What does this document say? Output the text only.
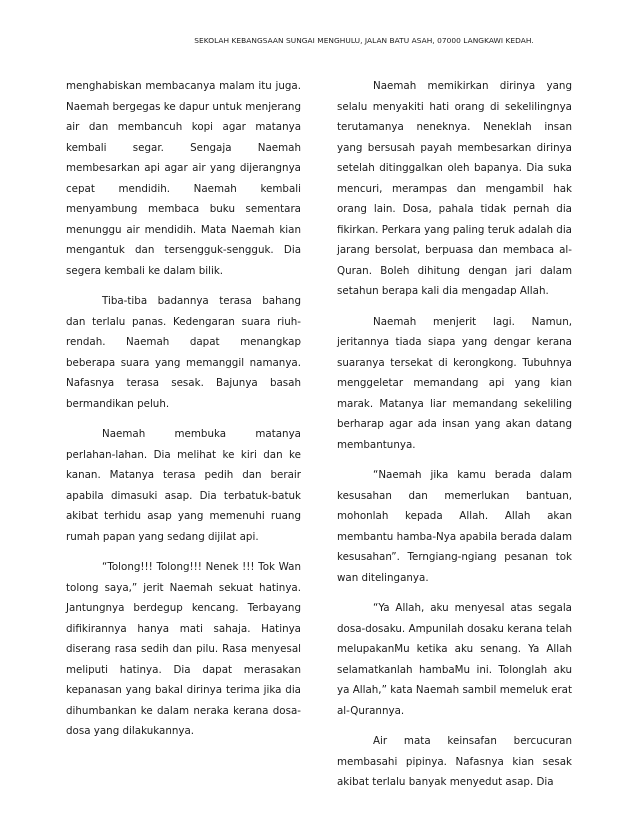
SEKOLAH KEBANGSAAN SUNGAI MENGHULU, JALAN BATU ASAH, 07000 LANGKAWI KEDAH.

menghabiskan membacanya malam itu juga. Naemah bergegas ke dapur untuk menjerang air dan membancuh kopi agar matanya kembali segar. Sengaja Naemah membesarkan api agar air yang dijerangnya cepat mendidih. Naemah kembali menyambung membaca buku sementara menunggu air mendidih. Mata Naemah kian mengantuk dan tersengguk-sengguk. Dia segera kembali ke dalam bilik.

Tiba-tiba badannya terasa bahang dan terlalu panas. Kedengaran suara riuh-rendah. Naemah dapat menangkap beberapa suara yang memanggil namanya. Nafasnya terasa sesak. Bajunya basah bermandikan peluh.

Naemah membuka matanya perlahan-lahan. Dia melihat ke kiri dan ke kanan. Matanya terasa pedih dan berair apabila dimasuki asap. Dia terbatuk-batuk akibat terhidu asap yang memenuhi ruang rumah papan yang sedang dijilat api.

“Tolong!!! Tolong!!! Nenek !!! Tok Wan tolong saya,” jerit Naemah sekuat hatinya. Jantungnya berdegup kencang. Terbayang difikirannya hanya mati sahaja. Hatinya diserang rasa sedih dan pilu. Rasa menyesal meliputi hatinya. Dia dapat merasakan kepanasan yang bakal dirinya terima jika dia dihumbankan ke dalam neraka kerana dosa-dosa yang dilakukannya.

Naemah memikirkan dirinya yang selalu menyakiti hati orang di sekelilingnya terutamanya neneknya. Neneklah insan yang bersusah payah membesarkan dirinya setelah ditinggalkan oleh bapanya. Dia suka mencuri, merampas dan mengambil hak orang lain. Dosa, pahala tidak pernah dia fikirkan. Perkara yang paling teruk adalah dia jarang bersolat, berpuasa dan membaca al-Quran. Boleh dihitung dengan jari dalam setahun berapa kali dia mengadap Allah.

Naemah menjerit lagi. Namun, jeritannya tiada siapa yang dengar kerana suaranya tersekat di kerongkong. Tubuhnya menggeletar memandang api yang kian marak. Matanya liar memandang sekeliling berharap agar ada insan yang akan datang membantunya.

“Naemah jika kamu berada dalam kesusahan dan memerlukan bantuan, mohonlah kepada Allah. Allah akan membantu hamba-Nya apabila berada dalam kesusahan”. Terngiang-ngiang pesanan tok wan ditelinganya.

“Ya Allah, aku menyesal atas segala dosa-dosaku. Ampunilah dosaku kerana telah melupakanMu ketika aku senang. Ya Allah selamatkanlah hambaMu ini. Tolonglah aku ya Allah,” kata Naemah sambil memeluk erat al-Qurannya.

Air mata keinsafan bercucuran membasahi pipinya. Nafasnya kian sesak akibat terlalu banyak menyedut asap. Dia
